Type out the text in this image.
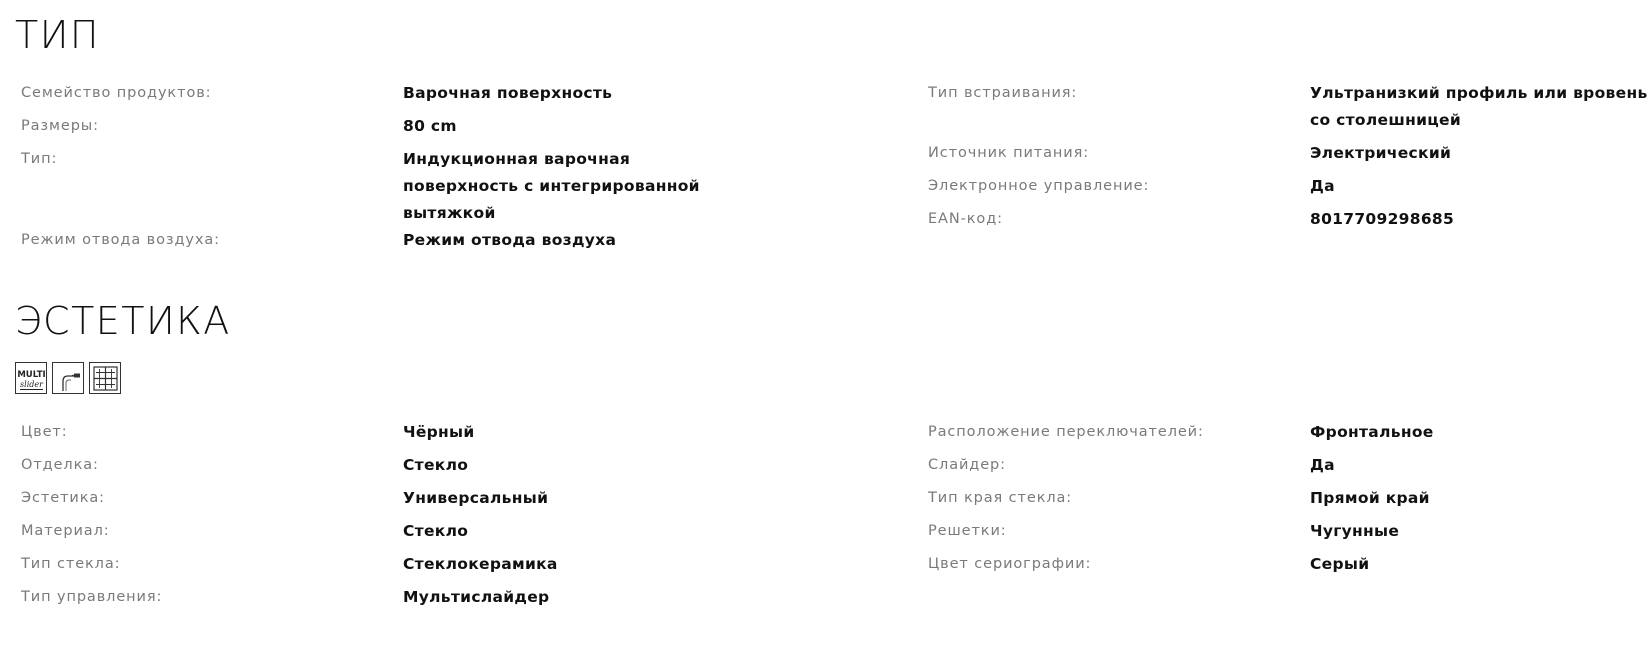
ТИП
Семейство продуктов:	Варочная поверхность
Размеры:	80 cm
Тип:	Индукционная варочная поверхность с интегрированной вытяжкой
Режим отвода воздуха:	Режим отвода воздуха
Тип встраивания:	Ультранизкий профиль или вровень со столешницей
Источник питания:	Электрический
Электронное управление:	Да
EAN-код:	8017709298685
ЭСТЕТИКА
MULTI
slider
Цвет:	Чёрный
Отделка:	Стекло
Эстетика:	Универсальный
Материал:	Стекло
Тип стекла:	Стеклокерамика
Тип управления:	Мультислайдер
Расположение переключателей:	Фронтальное
Слайдер:	Да
Тип края стекла:	Прямой край
Решетки:	Чугунные
Цвет сериографии:	Серый
